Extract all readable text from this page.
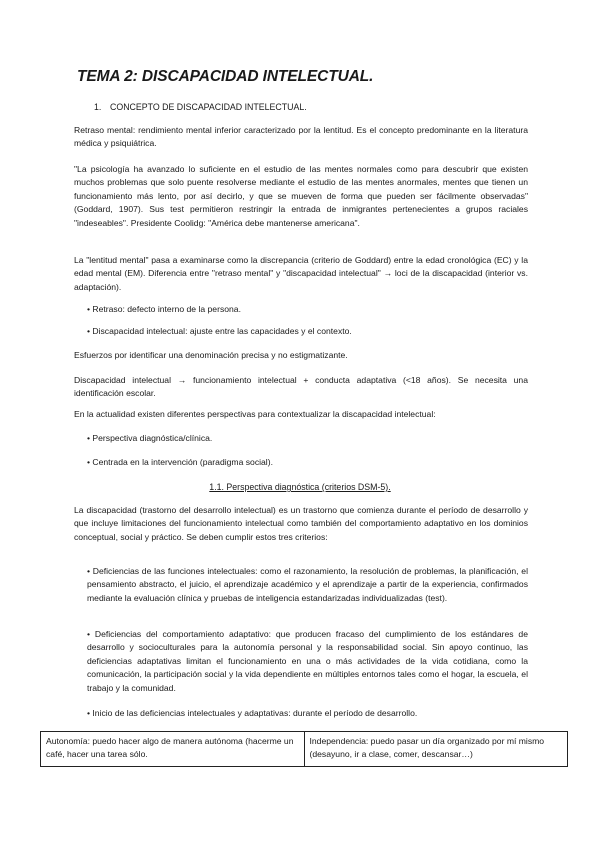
TEMA 2: DISCAPACIDAD INTELECTUAL.
1. CONCEPTO DE DISCAPACIDAD INTELECTUAL.

Retraso mental: rendimiento mental inferior caracterizado por la lentitud. Es el concepto predominante en la literatura médica y psiquiátrica.

"La psicología ha avanzado lo suficiente en el estudio de las mentes normales como para descubrir que existen muchos problemas que solo puente resolverse mediante el estudio de las mentes anormales, mentes que tienen un funcionamiento más lento, por así decirlo, y que se mueven de forma que pueden ser fácilmente observadas" (Goddard, 1907). Sus test permitieron restringir la entrada de inmigrantes pertenecientes a grupos raciales "indeseables". Presidente Coolidg: "América debe mantenerse americana".

La "lentitud mental" pasa a examinarse como la discrepancia (criterio de Goddard) entre la edad cronológica (EC) y la edad mental (EM). Diferencia entre "retraso mental" y "discapacidad intelectual" → loci de la discapacidad (interior vs. adaptación).

• Retraso: defecto interno de la persona.

• Discapacidad intelectual: ajuste entre las capacidades y el contexto.

Esfuerzos por identificar una denominación precisa y no estigmatizante.

Discapacidad intelectual → funcionamiento intelectual + conducta adaptativa (<18 años). Se necesita una identificación escolar.

En la actualidad existen diferentes perspectivas para contextualizar la discapacidad intelectual:

• Perspectiva diagnóstica/clínica.

• Centrada en la intervención (paradigma social).

1.1. Perspectiva diagnóstica (criterios DSM-5).

La discapacidad (trastorno del desarrollo intelectual) es un trastorno que comienza durante el período de desarrollo y que incluye limitaciones del funcionamiento intelectual como también del comportamiento adaptativo en los dominios conceptual, social y práctico. Se deben cumplir estos tres criterios:

• Deficiencias de las funciones intelectuales: como el razonamiento, la resolución de problemas, la planificación, el pensamiento abstracto, el juicio, el aprendizaje académico y el aprendizaje a partir de la experiencia, confirmados mediante la evaluación clínica y pruebas de inteligencia estandarizadas individualizadas (test).

• Deficiencias del comportamiento adaptativo: que producen fracaso del cumplimiento de los estándares de desarrollo y socioculturales para la autonomía personal y la responsabilidad social. Sin apoyo continuo, las deficiencias adaptativas limitan el funcionamiento en una o más actividades de la vida cotidiana, como la comunicación, la participación social y la vida dependiente en múltiples entornos tales como el hogar, la escuela, el trabajo y la comunidad.

• Inicio de las deficiencias intelectuales y adaptativas: durante el período de desarrollo.

Autonomía: puedo hacer algo de manera autónoma (hacerme un café, hacer una tarea sólo.	Independencia: puedo pasar un día organizado por mí mismo (desayuno, ir a clase, comer, descansar…)
